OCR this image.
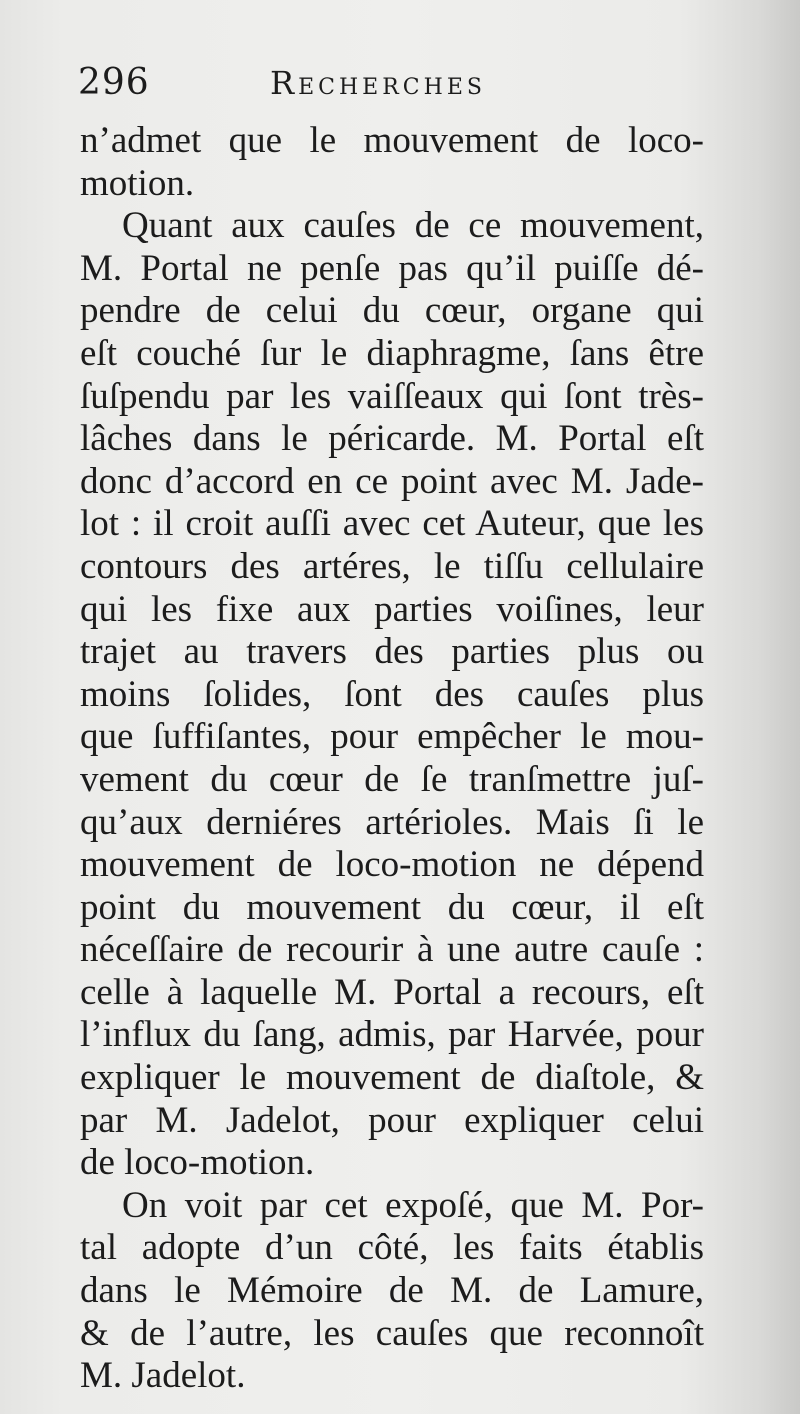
296	Recherches
n’admet que le mouvement de loco-
motion.
Quant aux cauſes de ce mouvement,
M. Portal ne penſe pas qu’il puiſſe dé-
pendre de celui du cœur, organe qui
eſt couché ſur le diaphragme, ſans être
ſuſpendu par les vaiſſeaux qui ſont très-
lâches dans le péricarde. M. Portal eſt
donc d’accord en ce point avec M. Jade-
lot : il croit auſſi avec cet Auteur, que les
contours des artéres, le tiſſu cellulaire
qui les fixe aux parties voiſines, leur
trajet au travers des parties plus ou
moins ſolides, ſont des cauſes plus
que ſuffiſantes, pour empêcher le mou-
vement du cœur de ſe tranſmettre juſ-
qu’aux derniéres artérioles. Mais ſi le
mouvement de loco-motion ne dépend
point du mouvement du cœur, il eſt
néceſſaire de recourir à une autre cauſe :
celle à laquelle M. Portal a recours, eſt
l’influx du ſang, admis, par Harvée, pour
expliquer le mouvement de diaſtole, &
par M. Jadelot, pour expliquer celui
de loco-motion.
On voit par cet expoſé, que M. Por-
tal adopte d’un côté, les faits établis
dans le Mémoire de M. de Lamure,
& de l’autre, les cauſes que reconnoît
M. Jadelot.
